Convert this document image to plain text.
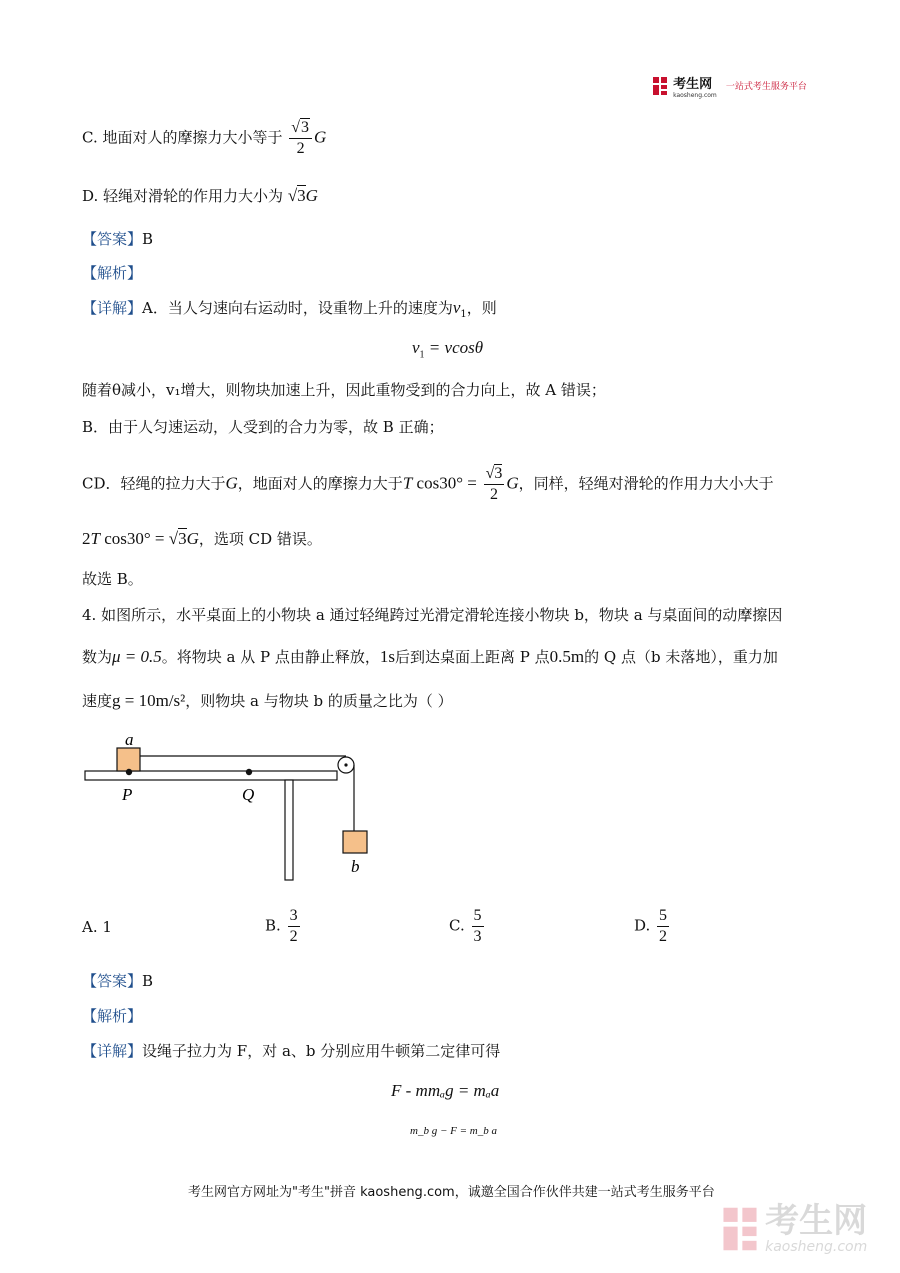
考生网
kaosheng.com
一站式考生服务平台
C. 地面对人的摩擦力大小等于 $\frac{√3}{2}$ G
D. 轻绳对滑轮的作用力大小为 √3G
【答案】B
【解析】
【详解】A．当人匀速向右运动时，设重物上升的速度为$v_1$，则
$v_1 = vcos\theta$
随着θ减小，v₁增大，则物块加速上升，因此重物受到的合力向上，故 A 错误；
B．由于人匀速运动，人受到的合力为零，故 B 正确；
CD．轻绳的拉力大于G，地面对人的摩擦力大于T $\cos 30^\circ = \frac{√3}{2}$ G，同样，轻绳对滑轮的作用力大小大于
2T cos30° = √3G，选项 CD 错误。
故选 B。
4. 如图所示，水平桌面上的小物块 a 通过轻绳跨过光滑定滑轮连接小物块 b，物块 a 与桌面间的动摩擦因
数为μ = 0.5。将物块 a 从 P 点由静止释放，1s后到达桌面上距离 P 点0.5m的 Q 点（b 未落地），重力加
速度g = 10m/s²，则物块 a 与物块 b 的质量之比为（ ）
a
P	Q
b
A. 1	B. $\frac{3}{2}$	C. $\frac{5}{3}$	D. $\frac{5}{2}$
【答案】B
【解析】
【详解】设绳子拉力为 F，对 a、b 分别应用牛顿第二定律可得
F - mmₐg = mₐa
m_b g − F = m_b a
考生网官方网址为"考生"拼音 kaosheng.com，诚邀全国合作伙伴共建一站式考生服务平台

考生网
kaosheng.com
